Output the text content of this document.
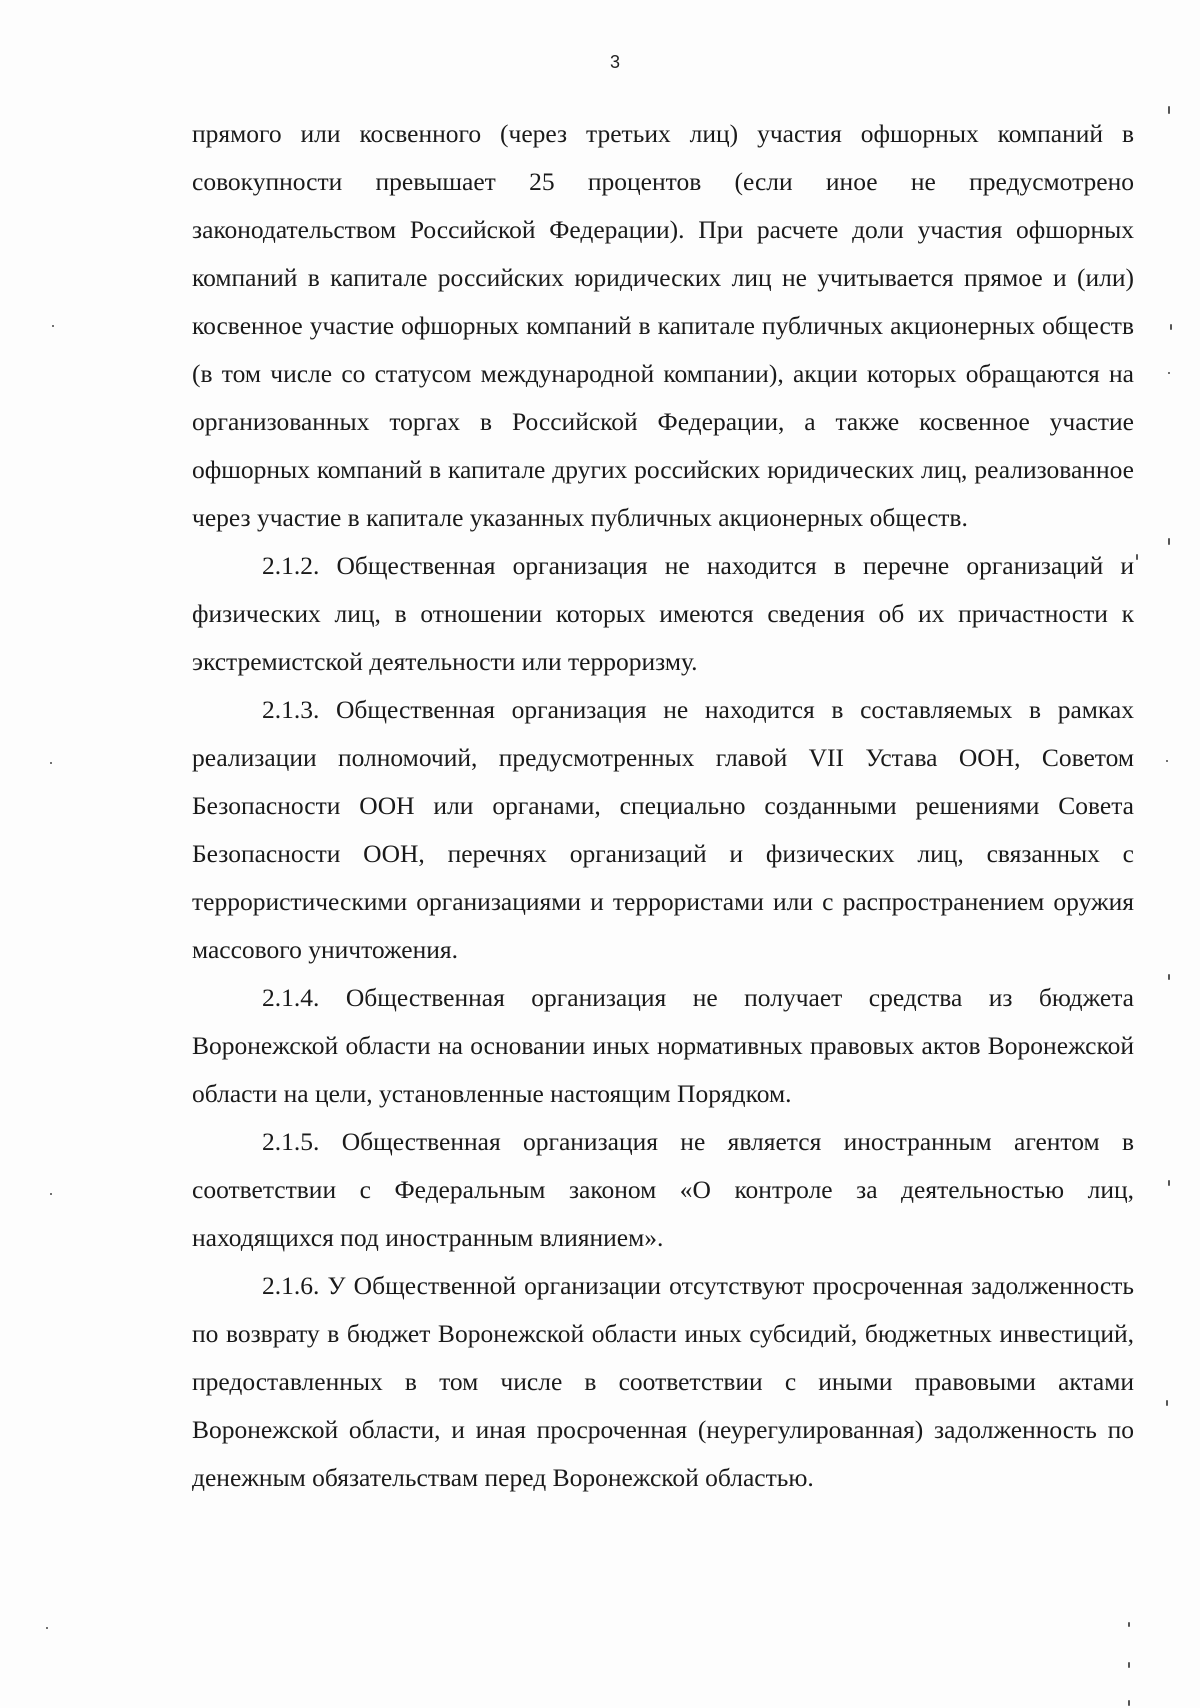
3

прямого или косвенного (через третьих лиц) участия офшорных компаний в совокупности превышает 25 процентов (если иное не предусмотрено законодательством Российской Федерации). При расчете доли участия офшорных компаний в капитале российских юридических лиц не учитывается прямое и (или) косвенное участие офшорных компаний в капитале публичных акционерных обществ (в том числе со статусом международной компании), акции которых обращаются на организованных торгах в Российской Федерации, а также косвенное участие офшорных компаний в капитале других российских юридических лиц, реализованное через участие в капитале указанных публичных акционерных обществ.

2.1.2. Общественная организация не находится в перечне организаций и физических лиц, в отношении которых имеются сведения об их причастности к экстремистской деятельности или терроризму.

2.1.3. Общественная организация не находится в составляемых в рамках реализации полномочий, предусмотренных главой VII Устава ООН, Советом Безопасности ООН или органами, специально созданными решениями Совета Безопасности ООН, перечнях организаций и физических лиц, связанных с террористическими организациями и террористами или с распространением оружия массового уничтожения.

2.1.4. Общественная организация не получает средства из бюджета Воронежской области на основании иных нормативных правовых актов Воронежской области на цели, установленные настоящим Порядком.

2.1.5. Общественная организация не является иностранным агентом в соответствии с Федеральным законом «О контроле за деятельностью лиц, находящихся под иностранным влиянием».

2.1.6. У Общественной организации отсутствуют просроченная задолженность по возврату в бюджет Воронежской области иных субсидий, бюджетных инвестиций, предоставленных в том числе в соответствии с иными правовыми актами Воронежской области, и иная просроченная (неурегулированная) задолженность по денежным обязательствам перед Воронежской областью.
